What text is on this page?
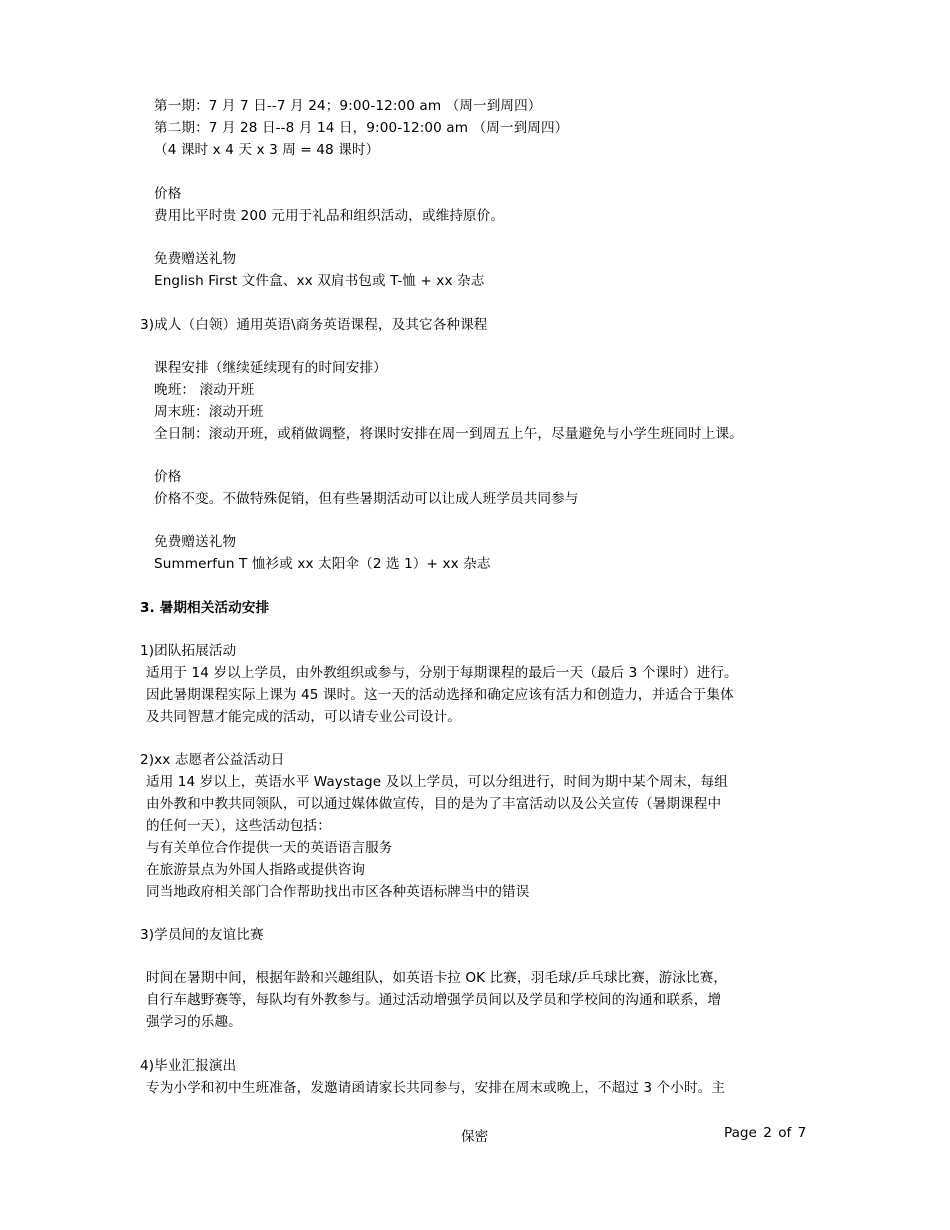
第一期：7 月 7 日--7 月 24；9:00-12:00 am （周一到周四）
第二期：7 月 28 日--8 月 14 日，9:00-12:00 am （周一到周四）
（4 课时 x 4 天 x 3 周 = 48 课时）
价格
费用比平时贵 200 元用于礼品和组织活动，或维持原价。
免费赠送礼物
English First 文件盒、xx 双肩书包或 T-恤 + xx 杂志
3)成人（白领）通用英语\商务英语课程，及其它各种课程
课程安排（继续延续现有的时间安排）
晚班： 滚动开班
周末班：滚动开班
全日制：滚动开班，或稍做调整，将课时安排在周一到周五上午，尽量避免与小学生班同时上课。
价格
价格不变。不做特殊促销，但有些暑期活动可以让成人班学员共同参与
免费赠送礼物
Summerfun T 恤衫或 xx 太阳伞（2 选 1）+ xx 杂志
3. 暑期相关活动安排
1)团队拓展活动
适用于 14 岁以上学员，由外教组织或参与，分别于每期课程的最后一天（最后 3 个课时）进行。
因此暑期课程实际上课为 45 课时。这一天的活动选择和确定应该有活力和创造力，并适合于集体
及共同智慧才能完成的活动，可以请专业公司设计。
2)xx 志愿者公益活动日
适用 14 岁以上，英语水平 Waystage 及以上学员，可以分组进行，时间为期中某个周末，每组
由外教和中教共同领队，可以通过媒体做宣传，目的是为了丰富活动以及公关宣传（暑期课程中
的任何一天），这些活动包括：
与有关单位合作提供一天的英语语言服务
在旅游景点为外国人指路或提供咨询
同当地政府相关部门合作帮助找出市区各种英语标牌当中的错误
3)学员间的友谊比赛
时间在暑期中间，根据年龄和兴趣组队，如英语卡拉 OK 比赛，羽毛球/乒乓球比赛，游泳比赛，
自行车越野赛等，每队均有外教参与。通过活动增强学员间以及学员和学校间的沟通和联系，增
强学习的乐趣。
4)毕业汇报演出
专为小学和初中生班准备，发邀请函请家长共同参与，安排在周末或晚上，不超过 3 个小时。主
保密	Page 2 of 7
